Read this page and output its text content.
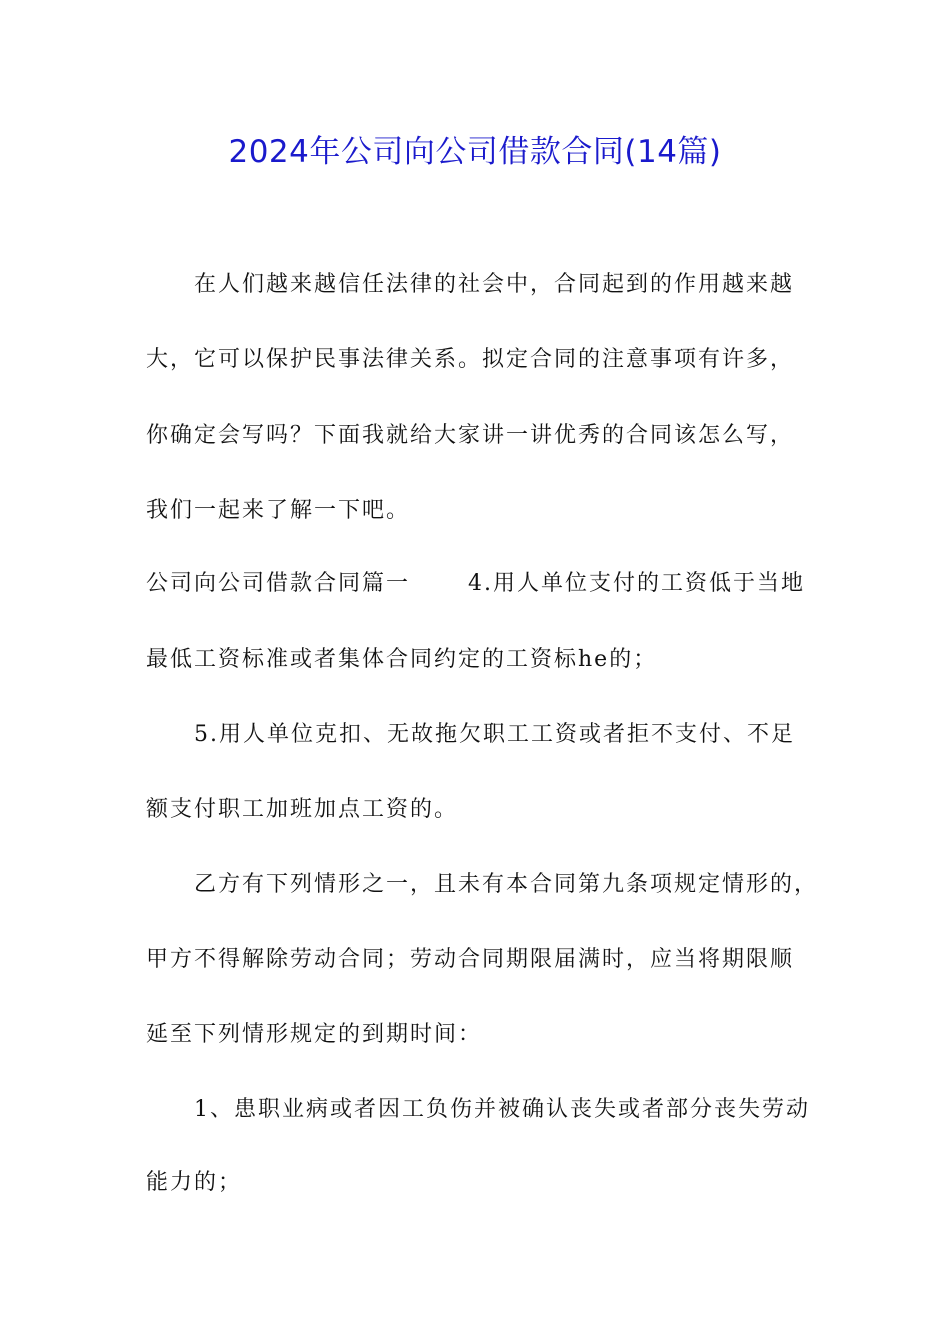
2024年公司向公司借款合同(14篇)

在人们越来越信任法律的社会中，合同起到的作用越来越

大，它可以保护民事法律关系。拟定合同的注意事项有许多，

你确定会写吗？下面我就给大家讲一讲优秀的合同该怎么写，

我们一起来了解一下吧。

公司向公司借款合同篇一	4.用人单位支付的工资低于当地

最低工资标准或者集体合同约定的工资标he的；

5.用人单位克扣、无故拖欠职工工资或者拒不支付、不足

额支付职工加班加点工资的。

乙方有下列情形之一，且未有本合同第九条项规定情形的，

甲方不得解除劳动合同；劳动合同期限届满时，应当将期限顺

延至下列情形规定的到期时间：

1、患职业病或者因工负伤并被确认丧失或者部分丧失劳动

能力的；
